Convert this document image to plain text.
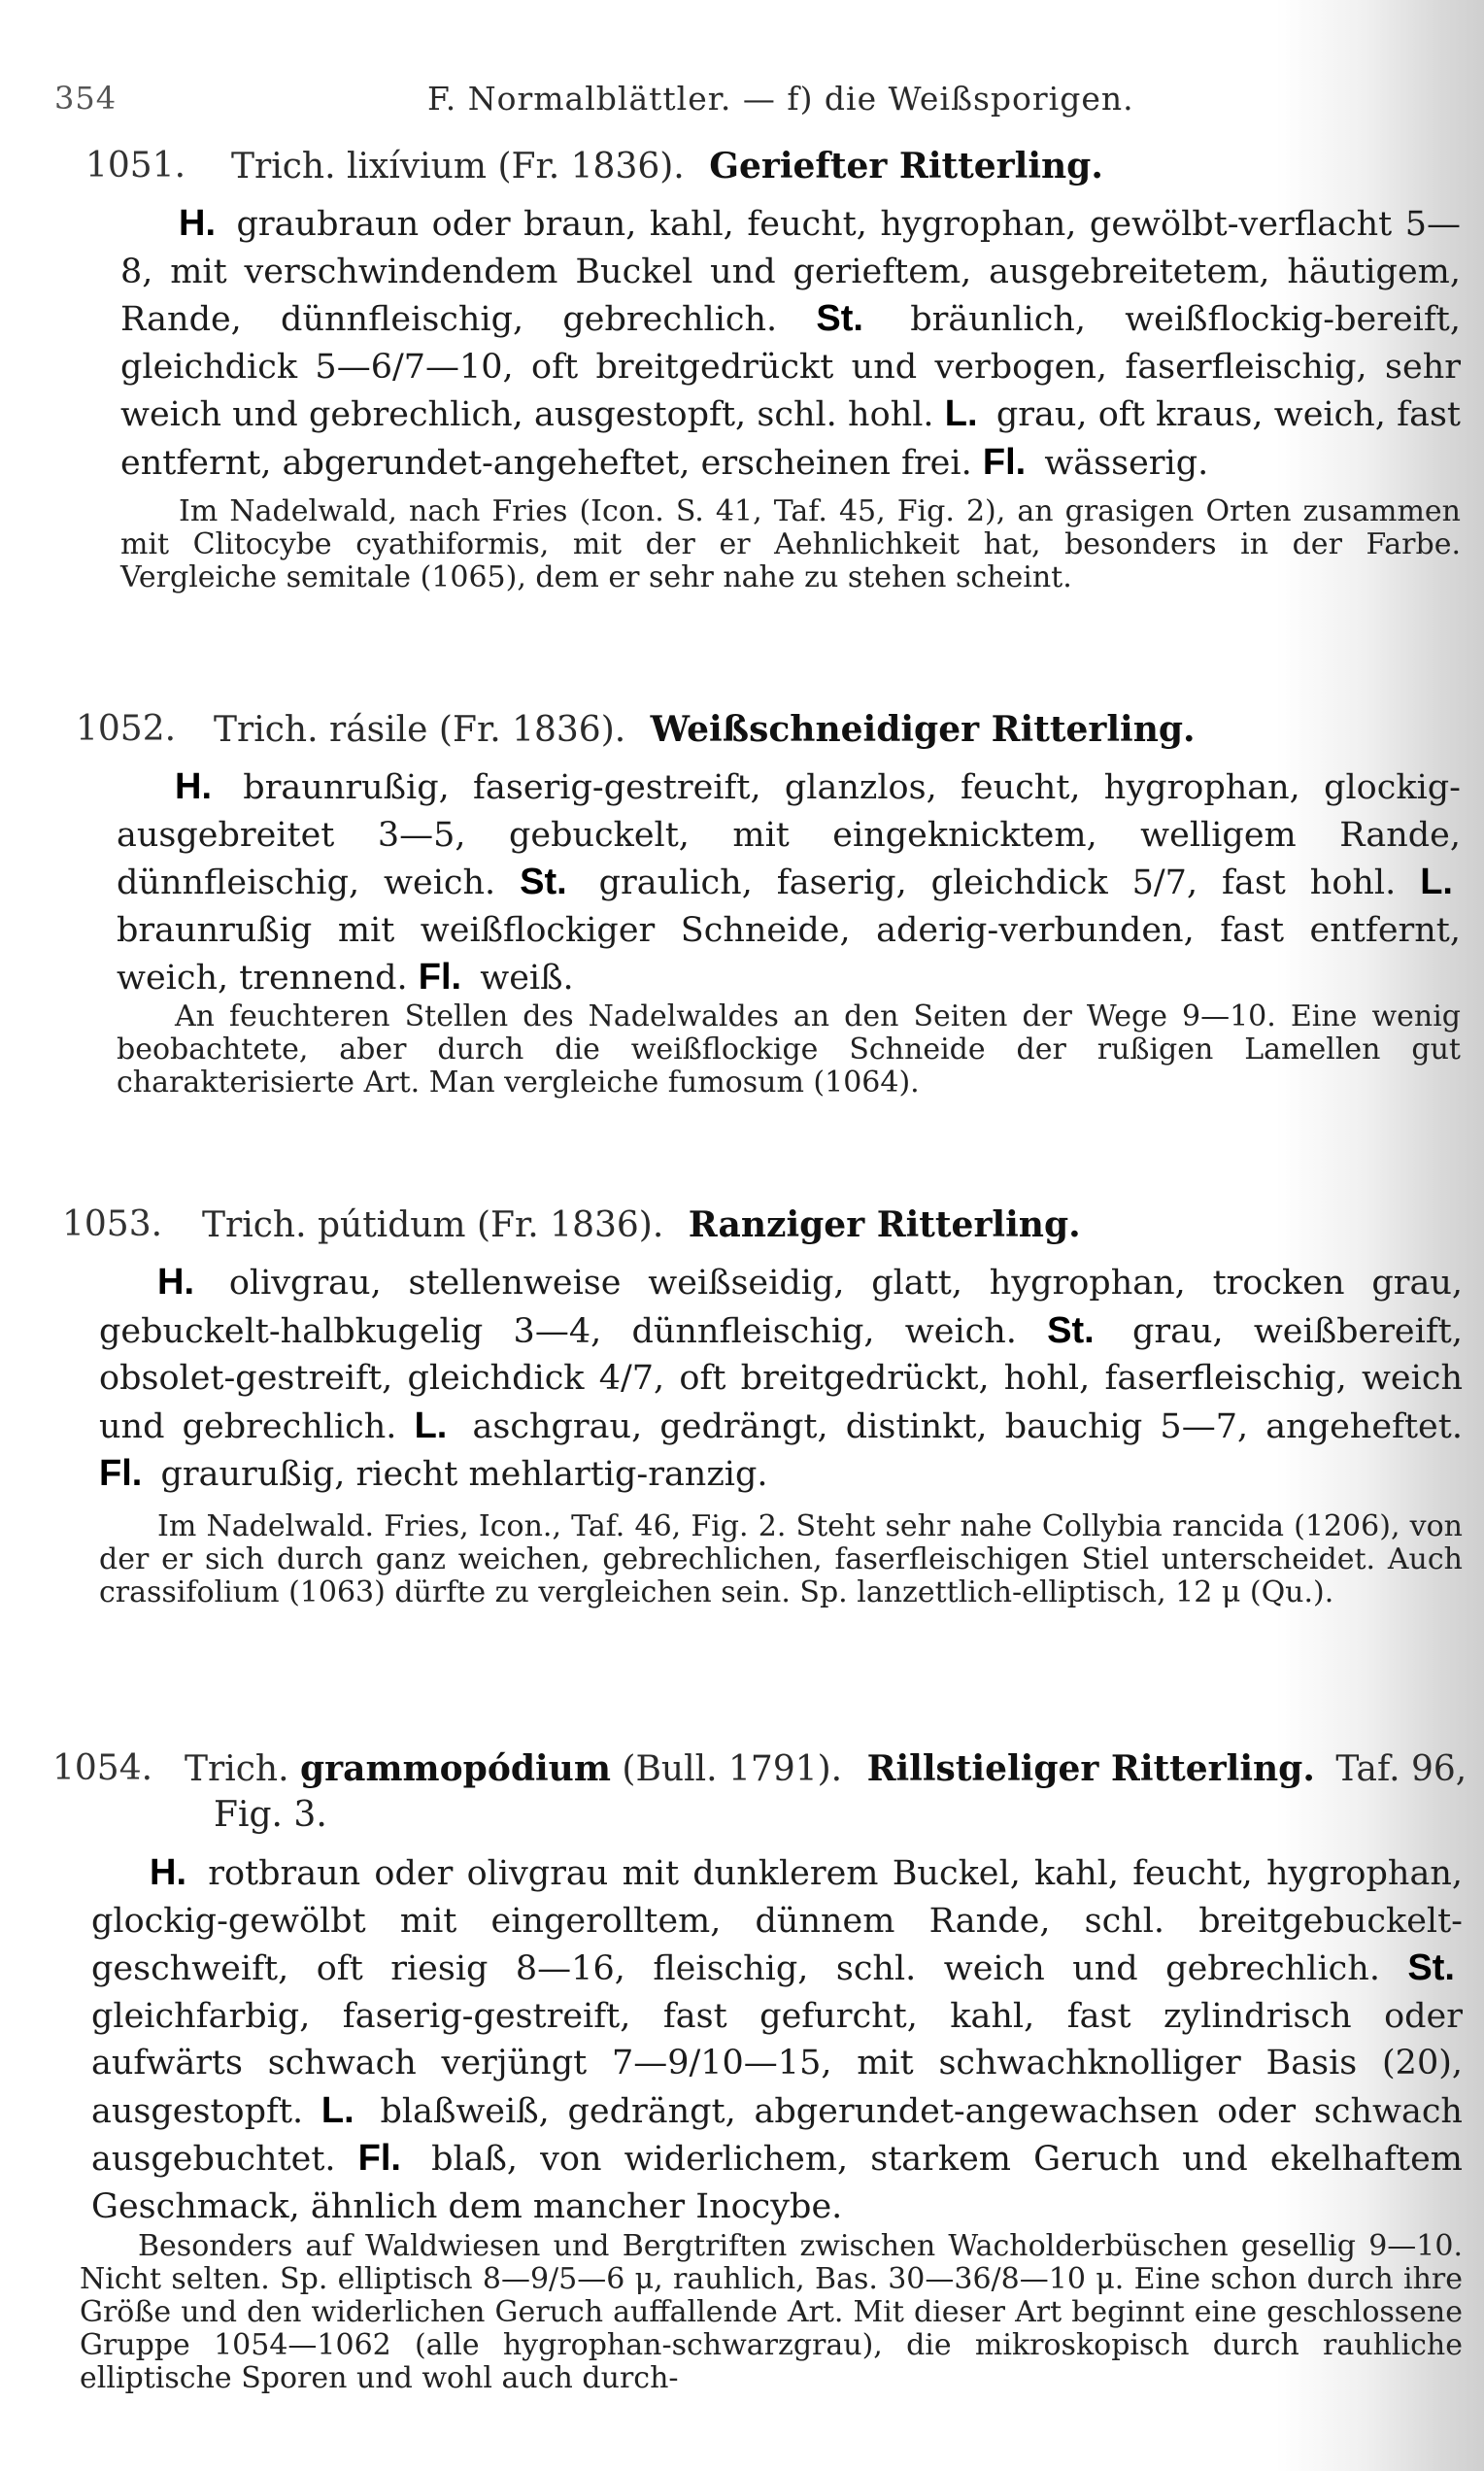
354	F. Normalblättler. — f) die Weißsporigen.
1051. Trich. lixívium (Fr. 1836). Geriefter Ritterling.
H. graubraun oder braun, kahl, feucht, hygrophan, gewölbt-verflacht 5—8, mit verschwindendem Buckel und gerieftem, ausgebreitetem, häutigem, Rande, dünnfleischig, gebrechlich. St. bräunlich, weißflockig-bereift, gleichdick 5—6/7—10, oft breitgedrückt und verbogen, faserfleischig, sehr weich und gebrechlich, ausgestopft, schl. hohl. L. grau, oft kraus, weich, fast entfernt, abgerundet-angeheftet, erscheinen frei. Fl. wässerig.
Im Nadelwald, nach Fries (Icon. S. 41, Taf. 45, Fig. 2), an grasigen Orten zusammen mit Clitocybe cyathiformis, mit der er Aehnlichkeit hat, besonders in der Farbe. Vergleiche semitale (1065), dem er sehr nahe zu stehen scheint.
1052. Trich. rásile (Fr. 1836). Weißschneidiger Ritterling.
H. braunrußig, faserig-gestreift, glanzlos, feucht, hygrophan, glockig-ausgebreitet 3—5, gebuckelt, mit eingeknicktem, welligem Rande, dünnfleischig, weich. St. graulich, faserig, gleichdick 5/7, fast hohl. L. braunrußig mit weißflockiger Schneide, aderig-verbunden, fast entfernt, weich, trennend. Fl. weiß.
An feuchteren Stellen des Nadelwaldes an den Seiten der Wege 9—10. Eine wenig beobachtete, aber durch die weißflockige Schneide der rußigen Lamellen gut charakterisierte Art. Man vergleiche fumosum (1064).
1053. Trich. pútidum (Fr. 1836). Ranziger Ritterling.
H. olivgrau, stellenweise weißseidig, glatt, hygrophan, trocken grau, gebuckelt-halbkugelig 3—4, dünnfleischig, weich. St. grau, weißbereift, obsolet-gestreift, gleichdick 4/7, oft breitgedrückt, hohl, faserfleischig, weich und gebrechlich. L. aschgrau, gedrängt, distinkt, bauchig 5—7, angeheftet. Fl. graurußig, riecht mehlartig-ranzig.
Im Nadelwald. Fries, Icon., Taf. 46, Fig. 2. Steht sehr nahe Collybia rancida (1206), von der er sich durch ganz weichen, gebrechlichen, faserfleischigen Stiel unterscheidet. Auch crassifolium (1063) dürfte zu vergleichen sein. Sp. lanzettlich-elliptisch, 12 μ (Qu.).
1054. Trich. grammopódium (Bull. 1791). Rillstieliger Ritterling. Taf. 96,
Fig. 3.
H. rotbraun oder olivgrau mit dunklerem Buckel, kahl, feucht, hygrophan, glockig-gewölbt mit eingerolltem, dünnem Rande, schl. breitgebuckelt-geschweift, oft riesig 8—16, fleischig, schl. weich und gebrechlich. St. gleichfarbig, faserig-gestreift, fast gefurcht, kahl, fast zylindrisch oder aufwärts schwach verjüngt 7—9/10—15, mit schwachknolliger Basis (20), ausgestopft. L. blaßweiß, gedrängt, abgerundet-angewachsen oder schwach ausgebuchtet. Fl. blaß, von widerlichem, starkem Geruch und ekelhaftem Geschmack, ähnlich dem mancher Inocybe.
Besonders auf Waldwiesen und Bergtriften zwischen Wacholderbüschen gesellig 9—10. Nicht selten. Sp. elliptisch 8—9/5—6 μ, rauhlich, Bas. 30—36/8—10 μ. Eine schon durch ihre Größe und den widerlichen Geruch auffallende Art. Mit dieser Art beginnt eine geschlossene Gruppe 1054—1062 (alle hygrophan-schwarzgrau), die mikroskopisch durch rauhliche elliptische Sporen und wohl auch durch-
